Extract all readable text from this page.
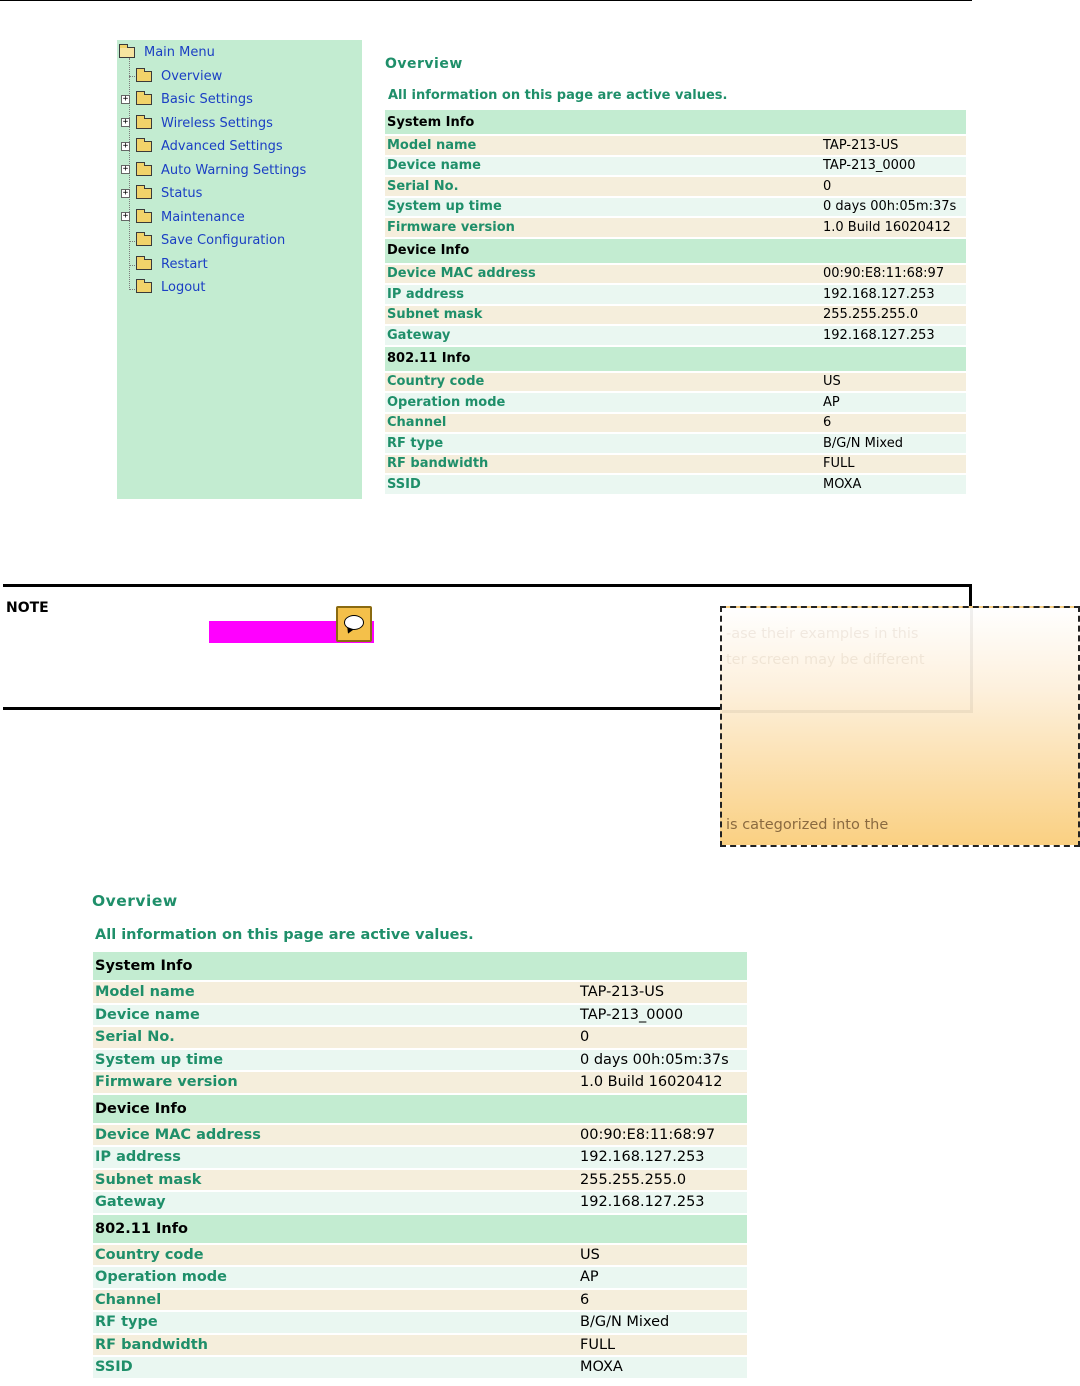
Main Menu
Overview
+	Basic Settings
+	Wireless Settings
+	Advanced Settings
+	Auto Warning Settings
+	Status
+	Maintenance
Save Configuration
Restart
Logout
Overview
All information on this page are active values.
System Info	
Model name	TAP-213-US
Device name	TAP-213_0000
Serial No.	0
System up time	0 days 00h:05m:37s
Firmware version	1.0 Build 16020412
Device Info	
Device MAC address	00:90:E8:11:68:97
IP address	192.168.127.253
Subnet mask	255.255.255.0
Gateway	192.168.127.253
802.11 Info	
Country code	US
Operation mode	AP
Channel	6
RF type	B/G/N Mixed
RF bandwidth	FULL
SSID	MOXA
NOTE
-ase their examples in this
ter screen may be different
is categorized into the
Overview
All information on this page are active values.
System Info	
Model name	TAP-213-US
Device name	TAP-213_0000
Serial No.	0
System up time	0 days 00h:05m:37s
Firmware version	1.0 Build 16020412
Device Info	
Device MAC address	00:90:E8:11:68:97
IP address	192.168.127.253
Subnet mask	255.255.255.0
Gateway	192.168.127.253
802.11 Info	
Country code	US
Operation mode	AP
Channel	6
RF type	B/G/N Mixed
RF bandwidth	FULL
SSID	MOXA
